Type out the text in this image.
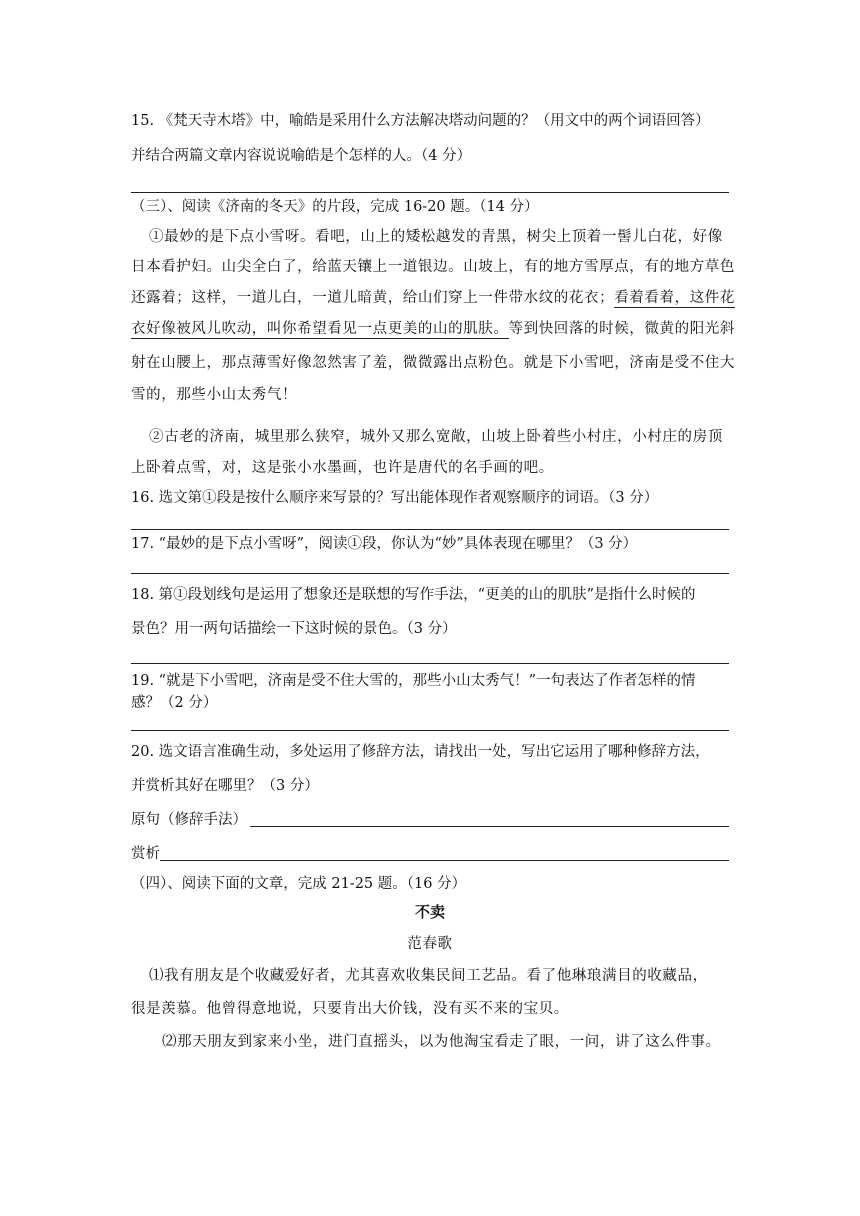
15. 《梵天寺木塔》中，喻皓是采用什么方法解决塔动问题的？（用文中的两个词语回答）
并结合两篇文章内容说说喻皓是个怎样的人。（4 分）
（三）、阅读《济南的冬天》的片段，完成 16-20 题。（14 分）
①最妙的是下点小雪呀。看吧，山上的矮松越发的青黑，树尖上顶着一髻儿白花，好像
日本看护妇。山尖全白了，给蓝天镶上一道银边。山坡上，有的地方雪厚点，有的地方草色
还露着；这样，一道儿白，一道儿暗黄，给山们穿上一件带水纹的花衣；看着看着，这件花
衣好像被风儿吹动，叫你希望看见一点更美的山的肌肤。等到快回落的时候，微黄的阳光斜
射在山腰上，那点薄雪好像忽然害了羞，微微露出点粉色。就是下小雪吧，济南是受不住大
雪的，那些小山太秀气！
②古老的济南，城里那么狭窄，城外又那么宽敞，山坡上卧着些小村庄，小村庄的房顶
上卧着点雪，对，这是张小水墨画，也许是唐代的名手画的吧。
16. 选文第①段是按什么顺序来写景的？写出能体现作者观察顺序的词语。（3 分）
17. “最妙的是下点小雪呀”，阅读①段，你认为“妙”具体表现在哪里？（3 分）
18. 第①段划线句是运用了想象还是联想的写作手法，“更美的山的肌肤”是指什么时候的
景色？用一两句话描绘一下这时候的景色。（3 分）
19. “就是下小雪吧，济南是受不住大雪的，那些小山太秀气！”一句表达了作者怎样的情
感？（2 分）
20. 选文语言准确生动，多处运用了修辞方法，请找出一处，写出它运用了哪种修辞方法，
并赏析其好在哪里？（3 分）
原句（修辞手法）
赏析
（四）、阅读下面的文章，完成 21-25 题。（16 分）
不卖
范春歌
⑴我有朋友是个收藏爱好者，尤其喜欢收集民间工艺品。看了他琳琅满目的收藏品，
很是羡慕。他曾得意地说，只要肯出大价钱，没有买不来的宝贝。
⑵那天朋友到家来小坐，进门直摇头，以为他淘宝看走了眼，一问，讲了这么件事。
